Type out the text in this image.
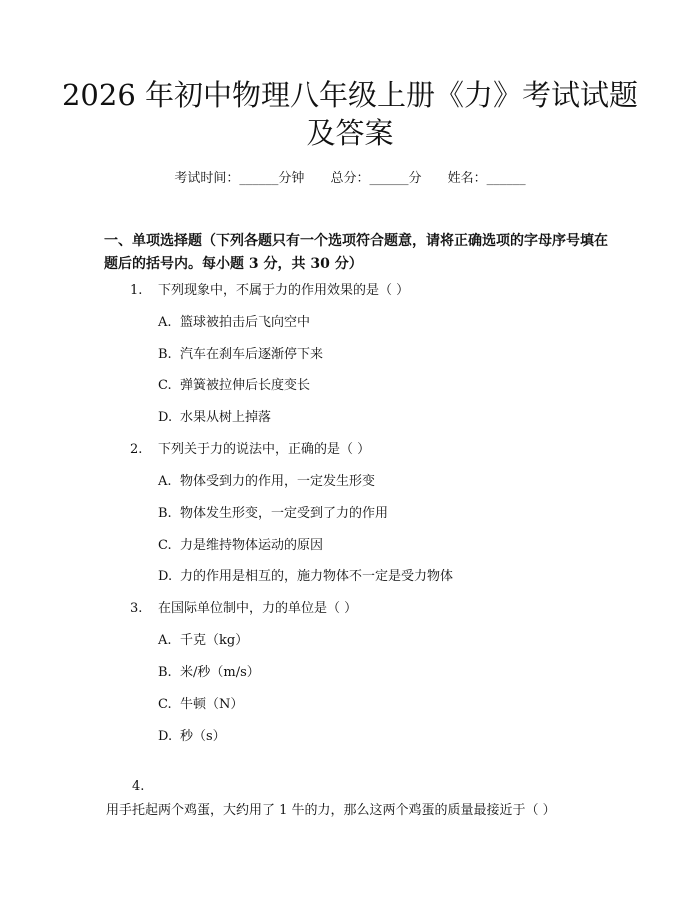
2026 年初中物理八年级上册《力》考试试题
及答案
考试时间：______分钟 总分：______分 姓名：______

一、单项选择题（下列各题只有一个选项符合题意，请将正确选项的字母序号填在题后的括号内。每小题 3 分，共 30 分）

1. 下列现象中，不属于力的作用效果的是（ ）
A. 篮球被拍击后飞向空中
B. 汽车在刹车后逐渐停下来
C. 弹簧被拉伸后长度变长
D. 水果从树上掉落
2. 下列关于力的说法中，正确的是（ ）
A. 物体受到力的作用，一定发生形变
B. 物体发生形变，一定受到了力的作用
C. 力是维持物体运动的原因
D. 力的作用是相互的，施力物体不一定是受力物体
3. 在国际单位制中，力的单位是（ ）
A. 千克（kg）
B. 米/秒（m/s）
C. 牛顿（N）
D. 秒（s）

4.用手托起两个鸡蛋，大约用了 1 牛的力，那么这两个鸡蛋的质量最接近于（ ）
